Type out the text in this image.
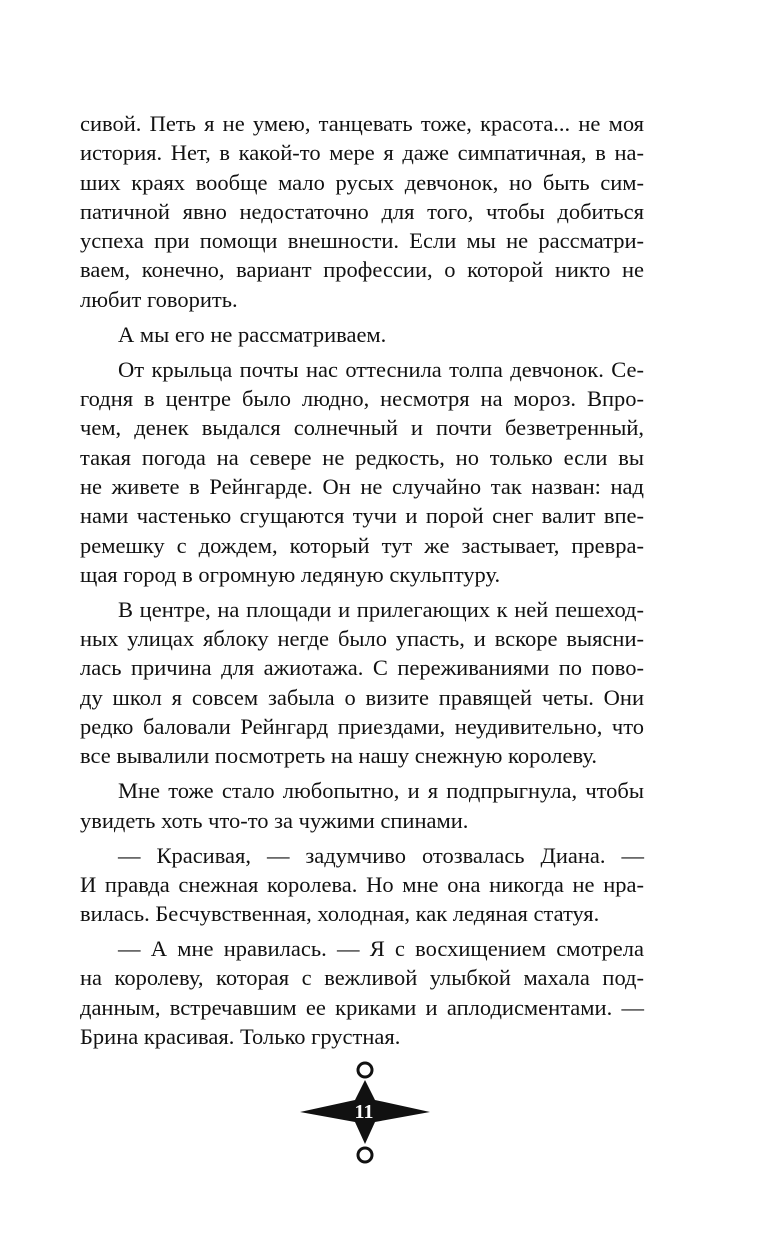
сивой. Петь я не умею, танцевать тоже, красота... не моя
история. Нет, в какой-то мере я даже симпатичная, в на-
ших краях вообще мало русых девчонок, но быть сим-
патичной явно недостаточно для того, чтобы добиться
успеха при помощи внешности. Если мы не рассматри-
ваем, конечно, вариант профессии, о которой никто не
любит говорить.
А мы его не рассматриваем.
От крыльца почты нас оттеснила толпа девчонок. Се-
годня в центре было людно, несмотря на мороз. Впро-
чем, денек выдался солнечный и почти безветренный,
такая погода на севере не редкость, но только если вы
не живете в Рейнгарде. Он не случайно так назван: над
нами частенько сгущаются тучи и порой снег валит впе-
ремешку с дождем, который тут же застывает, превра-
щая город в огромную ледяную скульптуру.
В центре, на площади и прилегающих к ней пешеход-
ных улицах яблоку негде было упасть, и вскоре выясни-
лась причина для ажиотажа. С переживаниями по пово-
ду школ я совсем забыла о визите правящей четы. Они
редко баловали Рейнгард приездами, неудивительно, что
все вывалили посмотреть на нашу снежную королеву.
Мне тоже стало любопытно, и я подпрыгнула, чтобы
увидеть хоть что-то за чужими спинами.
— Красивая, — задумчиво отозвалась Диана. —
И правда снежная королева. Но мне она никогда не нра-
вилась. Бесчувственная, холодная, как ледяная статуя.
— А мне нравилась. — Я с восхищением смотрела
на королеву, которая с вежливой улыбкой махала под-
данным, встречавшим ее криками и аплодисментами. —
Брина красивая. Только грустная.
11
